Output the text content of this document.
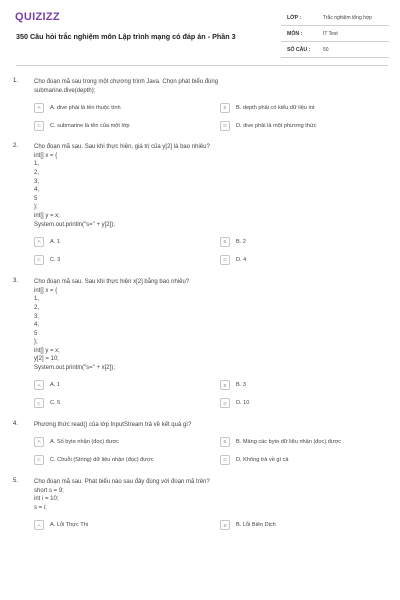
QUIZIZZ
350 Câu hỏi trắc nghiệm môn Lập trình mạng có đáp án - Phần 3
LỚP :	Trắc nghiệm tổng hợp
MÔN :	IT Test
SỐ CÂU :	50
1.	Cho đoạn mã sau trong một chương trình Java. Chọn phát biểu đúng
submarine.dive(depth);
A	A. dive phải là tên thuộc tính	B	B. depth phải có kiểu dữ liệu int
C	C. submarine là tên của một lớp	D	D. dive phải là một phương thức
2.	Cho đoạn mã sau. Sau khi thực hiện, giá trị của y[2] là bao nhiêu?
int[] x = {
1,
2,
3,
4,
5
};
int[] y = x;
System.out.println("s=" + y[2]);
A	A. 1	B	B. 2
C	C. 3	D	D. 4
3.	Cho đoạn mã sau. Sau khi thực hiện x[2] bằng bao nhiêu?
int[] x = {
1,
2,
3,
4,
5
};
int[] y = x;
y[2] = 10;
System.out.println("s=" + x[2]);
A	A. 1	B	B. 3
C	C. 5	D	D. 10
4.	Phương thức read() của lớp InputStream trả về kết quả gì?
A	A. Số byte nhận (đọc) được	B	B. Mảng các byte dữ liệu nhận (đọc) được
C	C. Chuỗi (String) dữ liệu nhận (đọc) được	D	D. Không trả về gì cả
5.	Cho đoạn mã sau. Phát biểu nào sau đây đúng với đoạn mã trên?
short s = 9;
int i = 10;
s = i;
A	A. Lỗi Thực Thi	B	B. Lỗi Biên Dịch
